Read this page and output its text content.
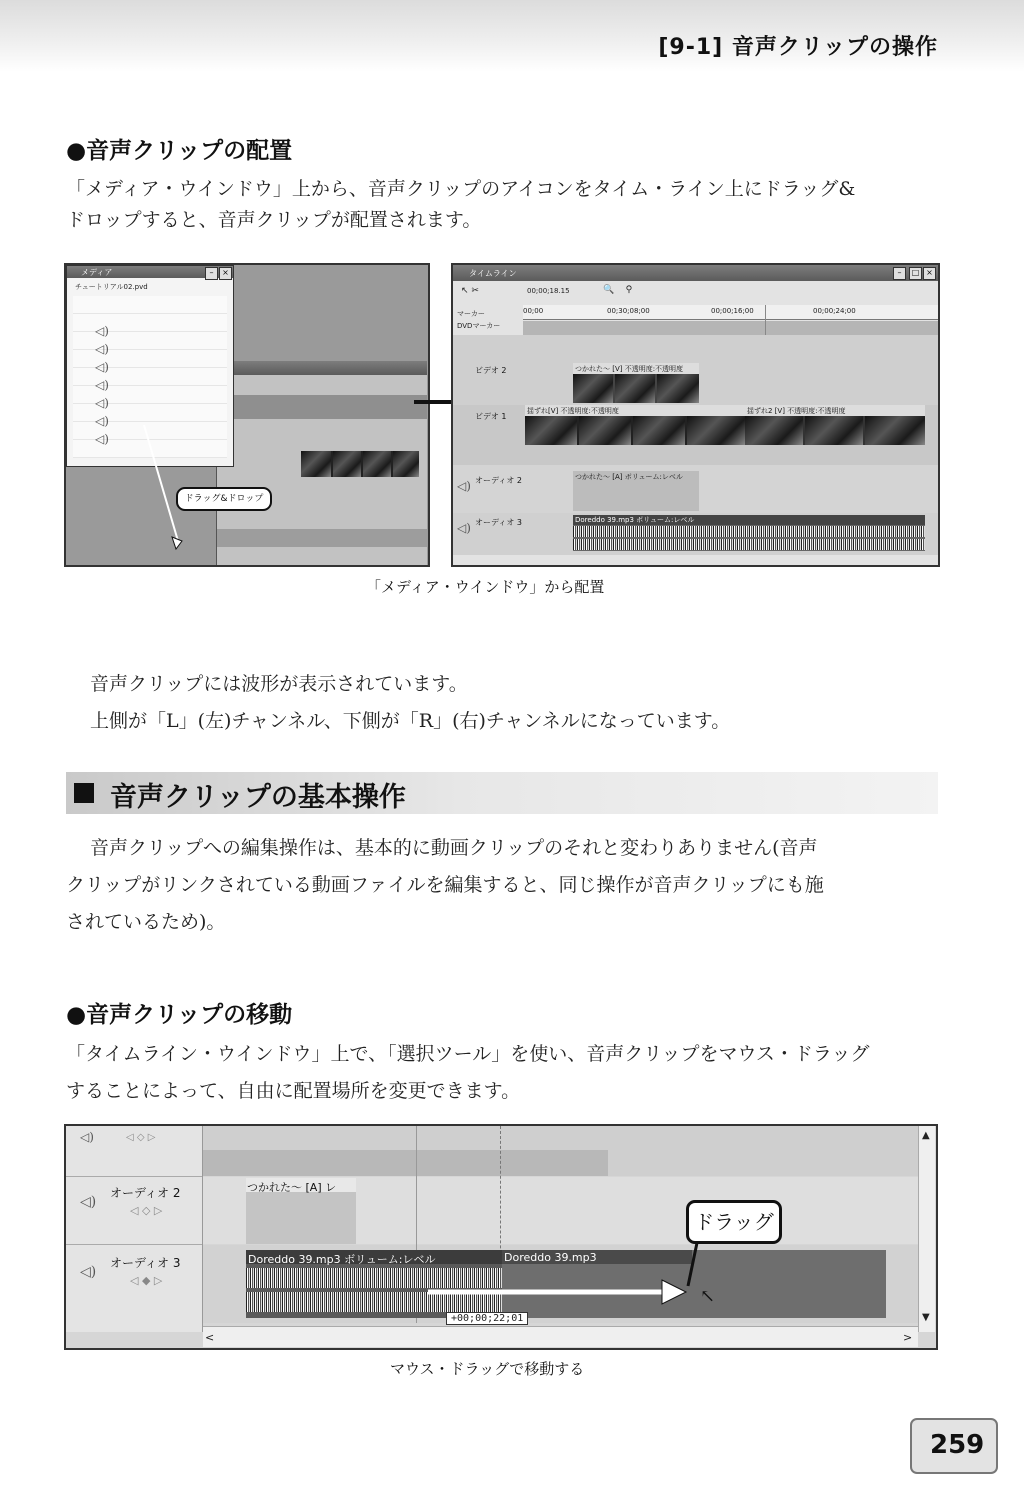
[9-1] 音声クリップの操作
●音声クリップの配置

「メディア・ウインドウ」上から、音声クリップのアイコンをタイム・ライン上にドラッグ&
ドロップすると、音声クリップが配置されます。

メディア	–	×
チュートリアル02.pvd
◁)
◁)
◁)
◁)
◁)
◁)
◁)
ドラッグ&ドロップ
タイムライン	–	□ ×
↖ ✂	00;00;18.15	🔍    ⚲
マーカー
DVDマーカー
00;00	00;30;08;00	00;00;16;00	00;00;24;00
ビデオ 2
ビデオ 1
オーディオ 2
◁)
オーディオ 3
◁)
つかれた～ [V] 不透明度:不透明度
揺ずれ[V] 不透明度:不透明度	揺ずれ2 [V] 不透明度:不透明度
つかれた～ [A] ボリューム:レベル
Doreddo 39.mp3 ボリューム:レベル
「メディア・ウインドウ」から配置

音声クリップには波形が表示されています。
上側が「L」(左)チャンネル、下側が「R」(右)チャンネルになっています。

音声クリップの基本操作

音声クリップへの編集操作は、基本的に動画クリップのそれと変わりありません(音声
クリップがリンクされている動画ファイルを編集すると、同じ操作が音声クリップにも施
されているため)。

●音声クリップの移動

「タイムライン・ウインドウ」上で、「選択ツール」を使い、音声クリップをマウス・ドラッグ
することによって、自由に配置場所を変更できます。

◁)	◁ ◇ ▷
オーディオ 2
◁)
◁ ◇ ▷
オーディオ 3
◁)
◁ ◆ ▷
つかれた～ [A] レ
Doreddo 39.mp3 ボリューム:レベル	Doreddo 39.mp3
↖
ドラッグ
+00;00;22;01
▲
▼
<	>
マウス・ドラッグで移動する
259
